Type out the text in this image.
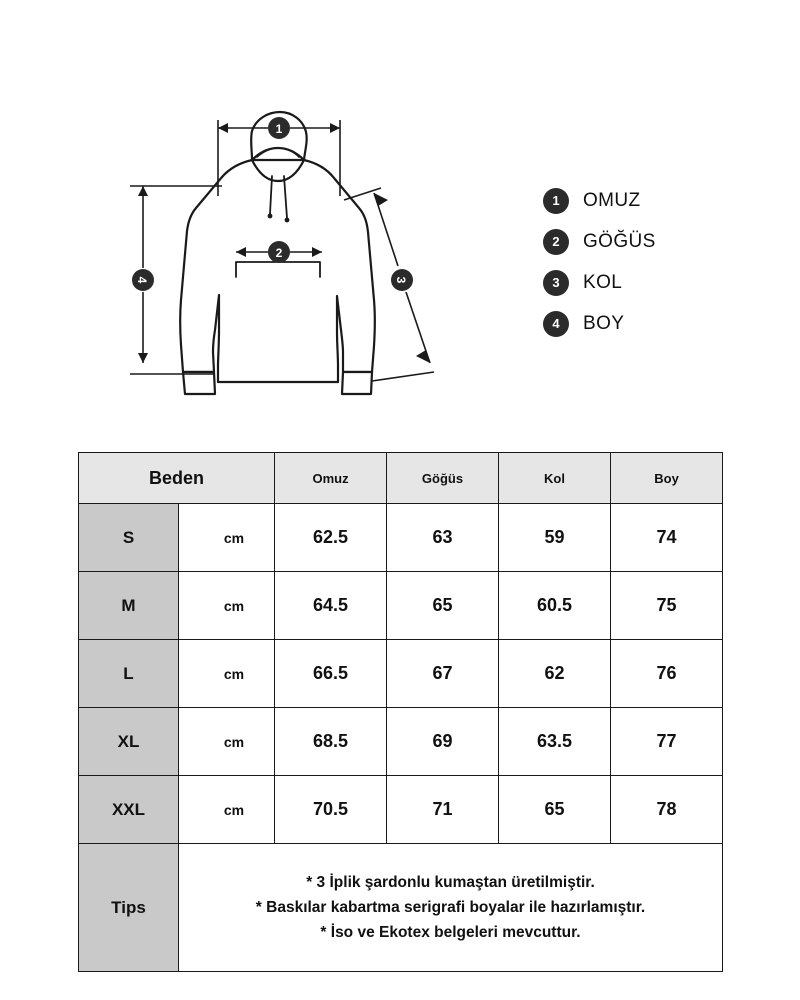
1
2
3
4
1	OMUZ
2	GÖĞÜS
3	KOL
4	BOY
Beden		Omuz	Göğüs	Kol	Boy
S	cm	62.5	63	59	74
M	cm	64.5	65	60.5	75
L	cm	66.5	67	62	76
XL	cm	68.5	69	63.5	77
XXL	cm	70.5	71	65	78
Tips	* 3 İplik şardonlu kumaştan üretilmiştir.
* Baskılar kabartma serigrafi boyalar ile hazırlamıştır.
* İso ve Ekotex belgeleri mevcuttur.				
